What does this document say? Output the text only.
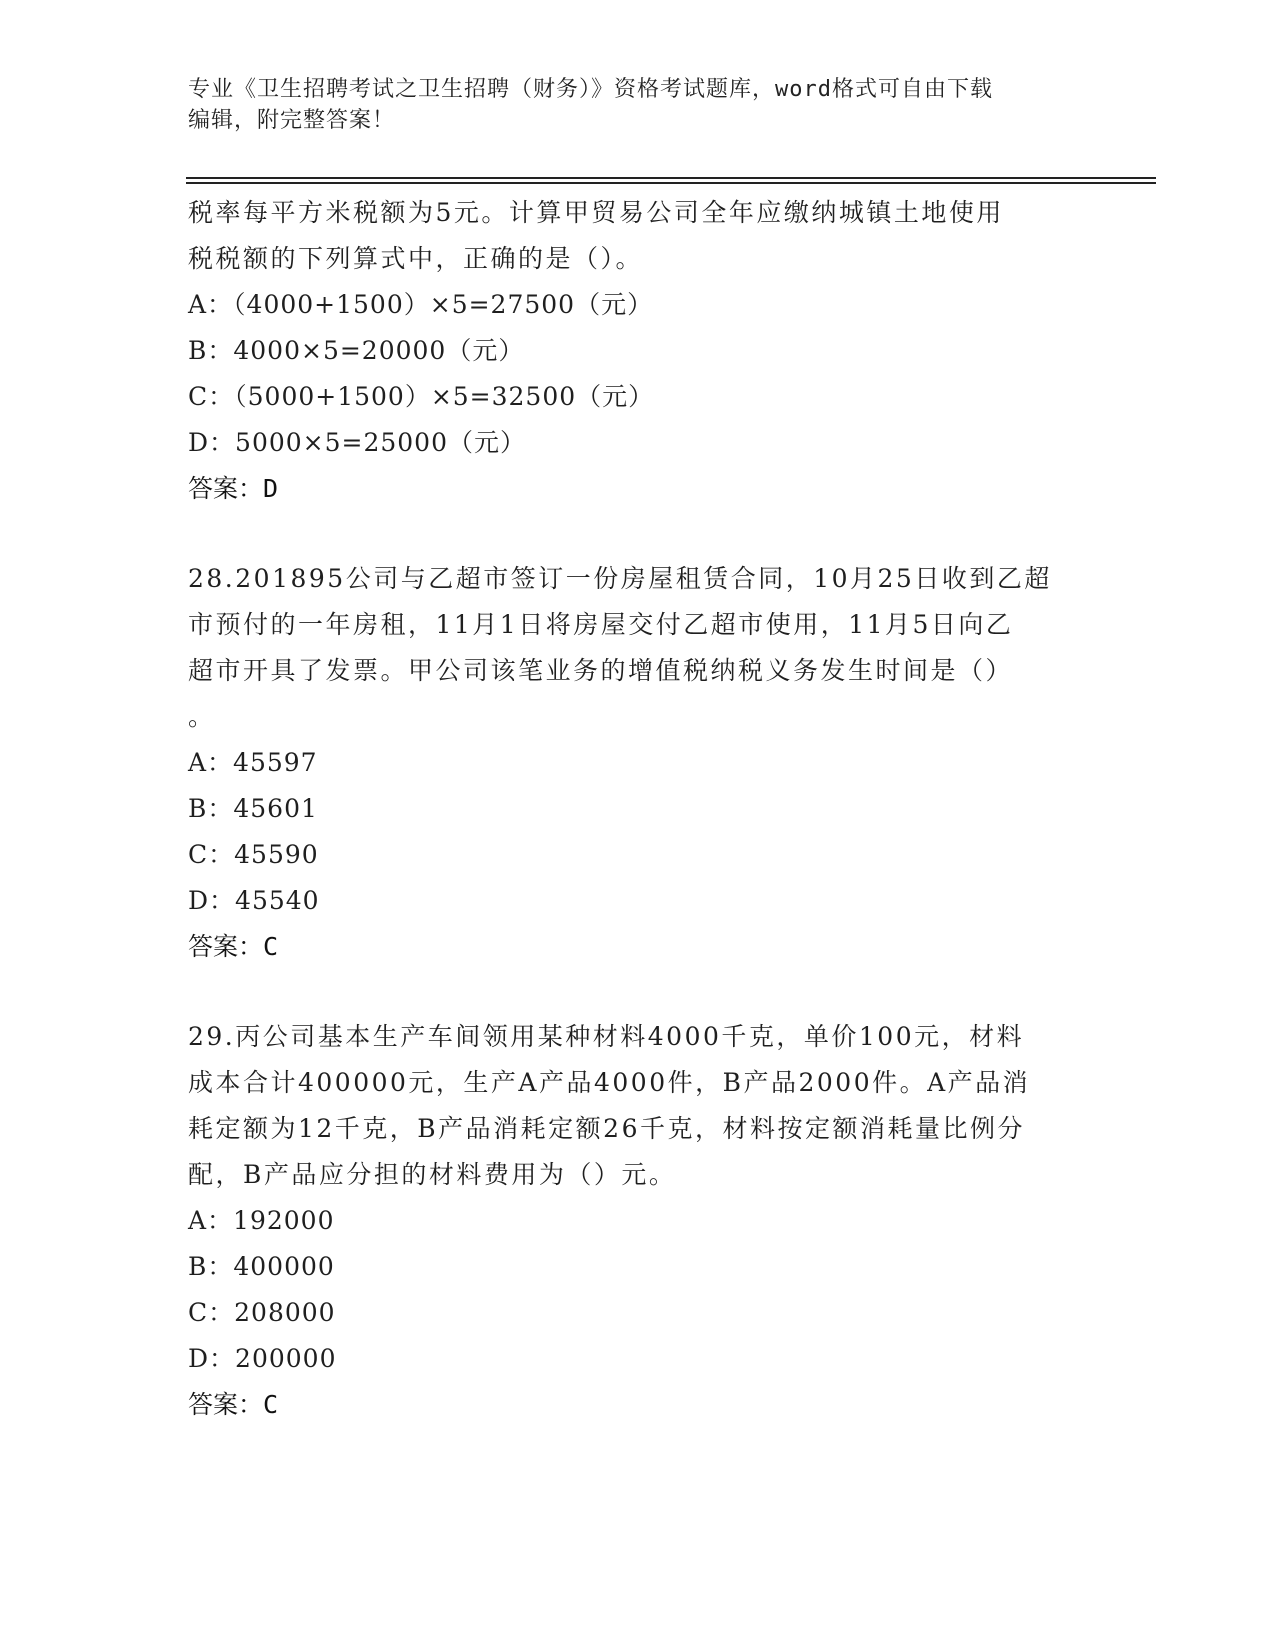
专业《卫生招聘考试之卫生招聘（财务）》资格考试题库，word格式可自由下载
编辑，附完整答案！
税率每平方米税额为5元。计算甲贸易公司全年应缴纳城镇土地使用
税税额的下列算式中，正确的是（）。
A：（4000+1500）×5=27500（元）
B：4000×5=20000（元）
C：（5000+1500）×5=32500（元）
D：5000×5=25000（元）
答案：D
28.201895公司与乙超市签订一份房屋租赁合同，10月25日收到乙超
市预付的一年房租，11月1日将房屋交付乙超市使用，11月5日向乙
超市开具了发票。甲公司该笔业务的增值税纳税义务发生时间是（）
。
A：45597
B：45601
C：45590
D：45540
答案：C
29.丙公司基本生产车间领用某种材料4000千克，单价100元，材料
成本合计400000元，生产A产品4000件，B产品2000件。A产品消
耗定额为12千克，B产品消耗定额26千克，材料按定额消耗量比例分
配，B产品应分担的材料费用为（）元。
A：192000
B：400000
C：208000
D：200000
答案：C
